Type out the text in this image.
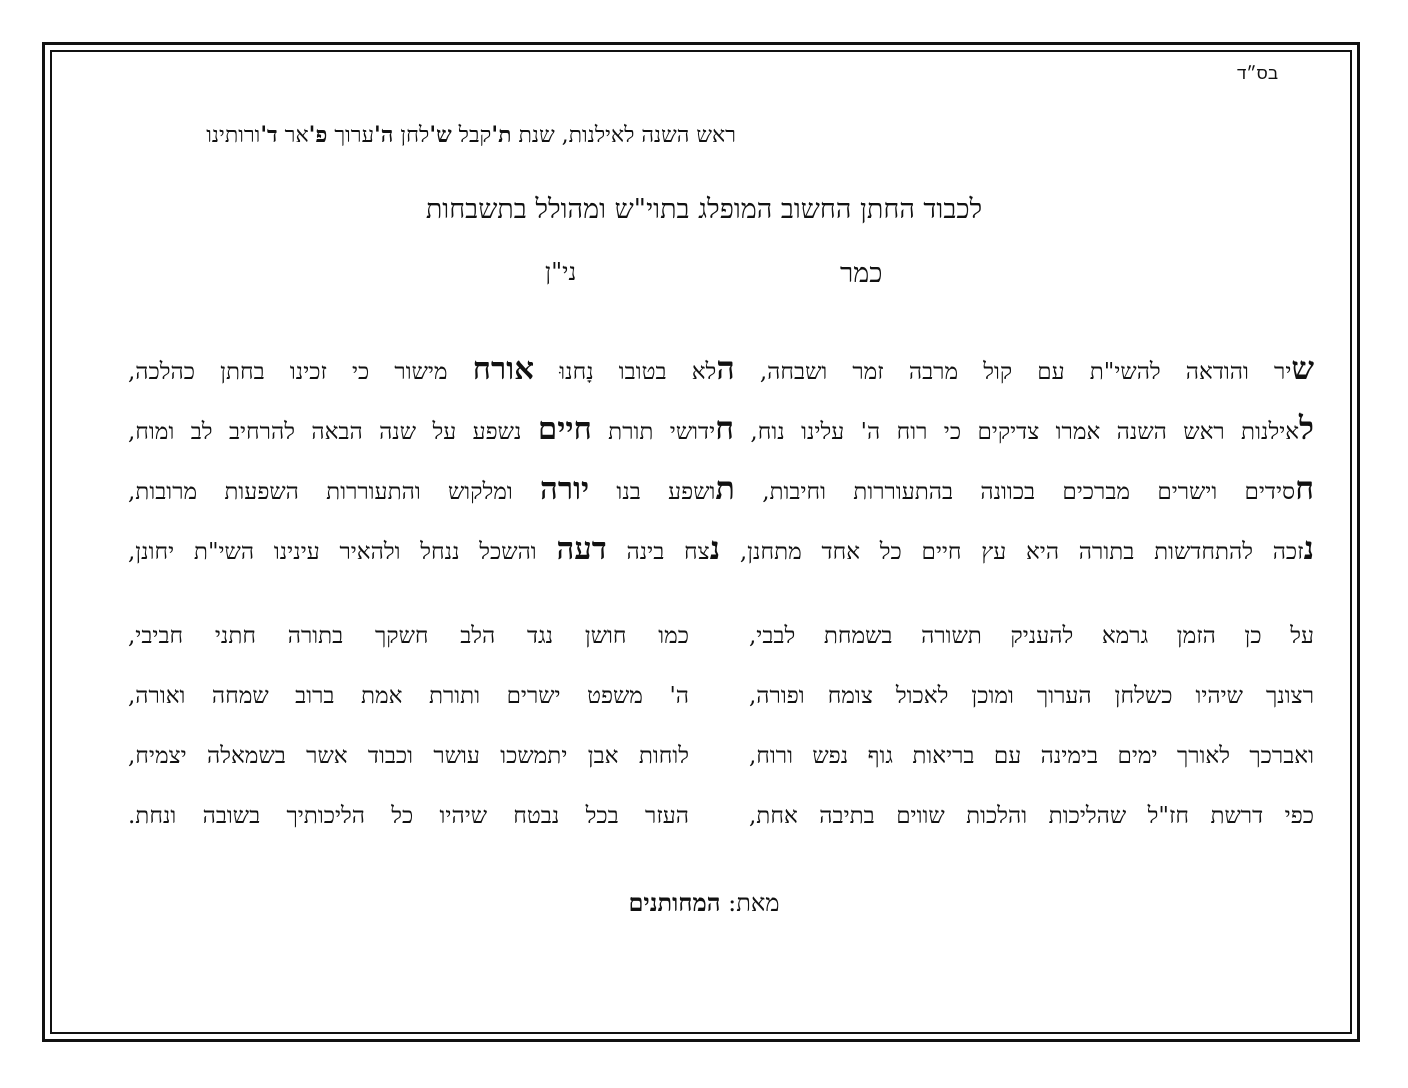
בס״ד
ראש השנה לאילנות, שנת ת'קבל ש'לחן ה'ערוך פ'אר ד'ורותינו
לכבוד החתן החשוב המופלג בתוי"ש ומהולל בתשבחות
כמר
ני"ן
שיר והודאה להשי"ת עם קול מרבה זמר ושבחה, הלא בטובו נָחנוּ אורח מישור כי זכינו בחתן כהלכה,
לאילנות ראש השנה אמרו צדיקים כי רוח ה' עלינו נוח, חידושי תורת חיים נשפע על שנה הבאה להרחיב לב ומוח,
חסידים וישרים מברכים בכוונה בהתעוררות וחיבות, תושפע בנו יורה ומלקוש והתעוררות השפעות מרובות,
נזכה להתחדשות בתורה היא עץ חיים כל אחד מתחנן, נצח בינה דעה והשכל ננחל ולהאיר עינינו השי"ת יחונן,
על כן הזמן גרמא להעניק תשורה בשמחת לבבי,
כמו חושן נגד הלב חשקך בתורה חתני חביבי,
רצונך שיהיו כשלחן הערוך ומוכן לאכול צומח ופורה,
ה' משפט ישרים ותורת אמת ברוב שמחה ואורה,
ואברכך לאורך ימים בימינה עם בריאות גוף נפש ורוח,
לוחות אבן יתמשכו עושר וכבוד אשר בשמאלה יצמיח,
כפי דרשת חז"ל שהליכות והלכות שווים בתיבה אחת,
העזר בכל נבטח שיהיו כל הליכותיך בשובה ונחת.
מאת: המחותנים
